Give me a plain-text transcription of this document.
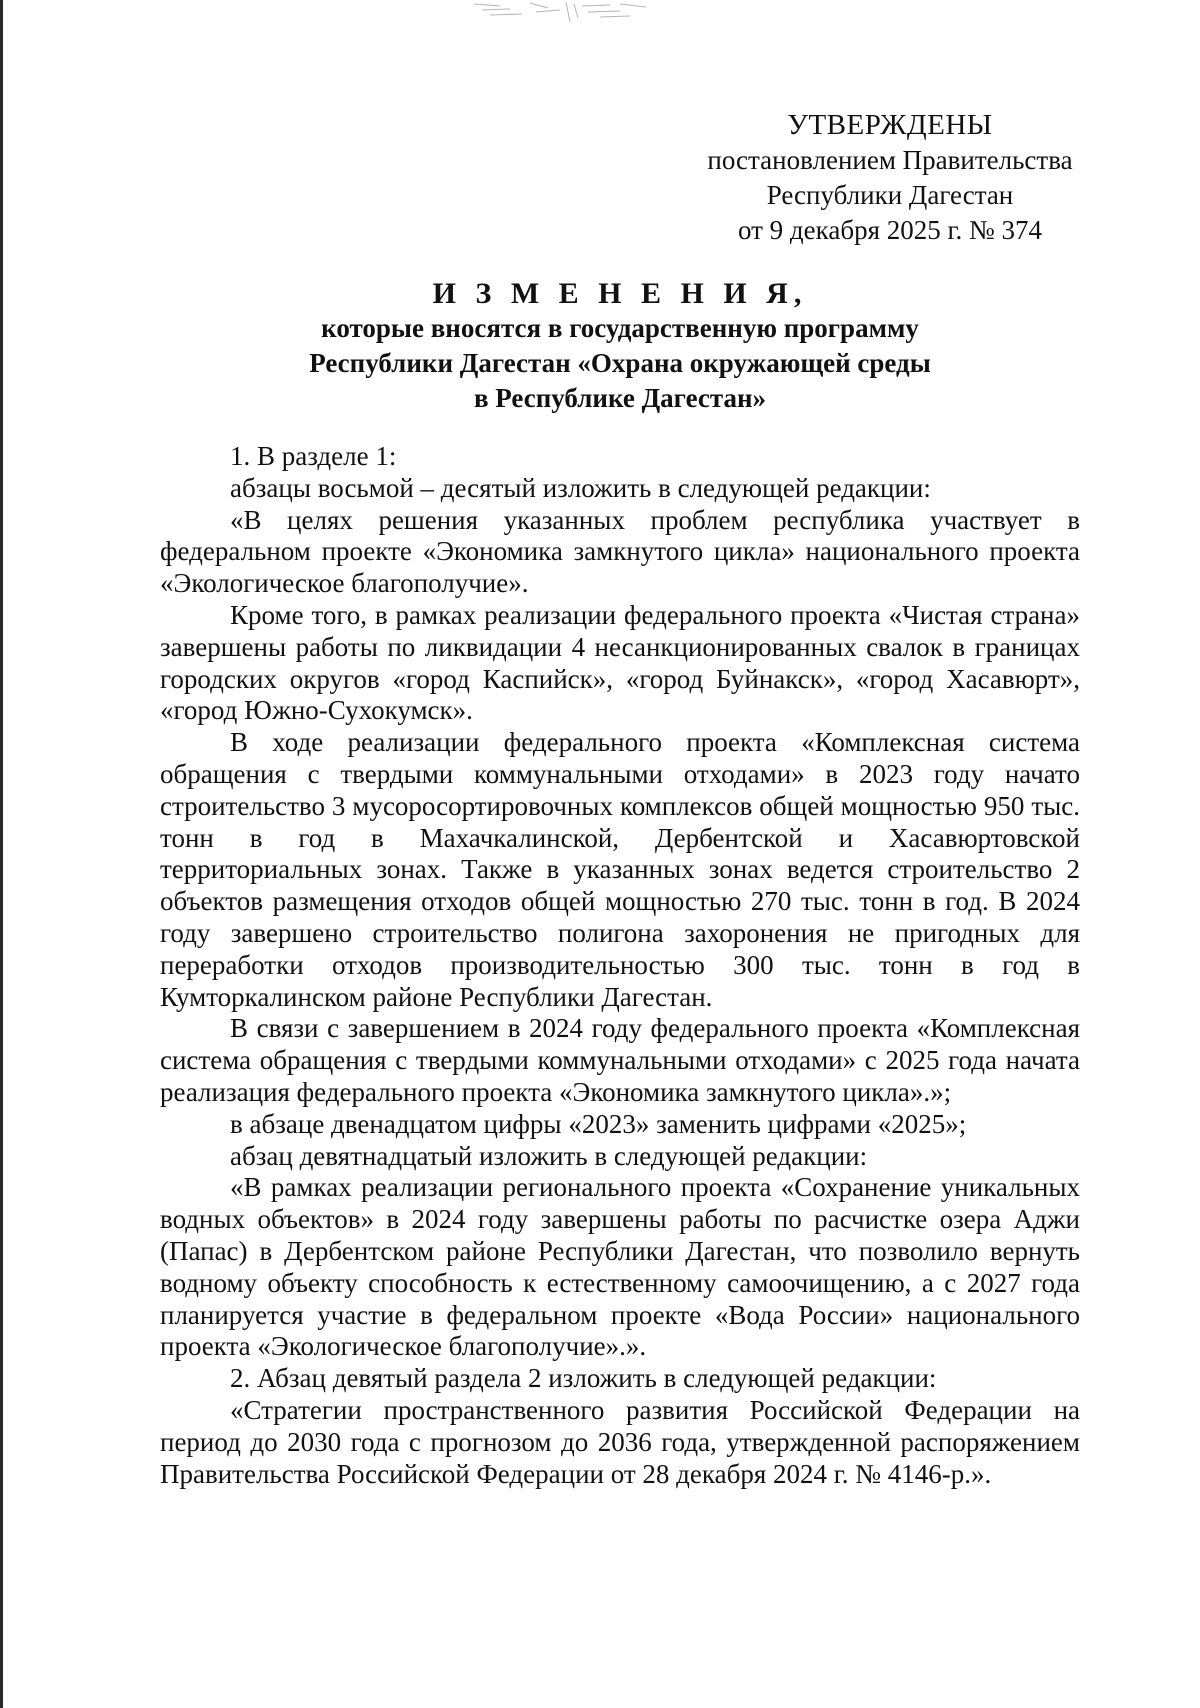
УТВЕРЖДЕНЫ
постановлением Правительства
Республики Дагестан
от 9 декабря 2025 г. № 374
И З М Е Н Е Н И Я,
которые вносятся в государственную программу
Республики Дагестан «Охрана окружающей среды
в Республике Дагестан»

1. В разделе 1:

абзацы восьмой – десятый изложить в следующей редакции:

«В целях решения указанных проблем республика участвует в федеральном проекте «Экономика замкнутого цикла» национального проекта «Экологическое благополучие».

Кроме того, в рамках реализации федерального проекта «Чистая страна» завершены работы по ликвидации 4 несанкционированных свалок в границах городских округов «город Каспийск», «город Буйнакск», «город Хасавюрт», «город Южно-Сухокумск».

В ходе реализации федерального проекта «Комплексная система обращения с твердыми коммунальными отходами» в 2023 году начато строительство 3 мусоросортировочных комплексов общей мощностью 950 тыс. тонн в год в Махачкалинской, Дербентской и Хасавюртовской территориальных зонах. Также в указанных зонах ведется строительство 2 объектов размещения отходов общей мощностью 270 тыс. тонн в год. В 2024 году завершено строительство полигона захоронения не пригодных для переработки отходов производительностью 300 тыс. тонн в год в Кумторкалинском районе Республики Дагестан.

В связи с завершением в 2024 году федерального проекта «Комплексная система обращения с твердыми коммунальными отходами» с 2025 года начата реализация федерального проекта «Экономика замкнутого цикла».»;

в абзаце двенадцатом цифры «2023» заменить цифрами «2025»;

абзац девятнадцатый изложить в следующей редакции:

«В рамках реализации регионального проекта «Сохранение уникальных водных объектов» в 2024 году завершены работы по расчистке озера Аджи (Папас) в Дербентском районе Республики Дагестан, что позволило вернуть водному объекту способность к естественному самоочищению, а с 2027 года планируется участие в федеральном проекте «Вода России» национального проекта «Экологическое благополучие».».

2. Абзац девятый раздела 2 изложить в следующей редакции:

«Стратегии пространственного развития Российской Федерации на период до 2030 года с прогнозом до 2036 года, утвержденной распоряжением Правительства Российской Федерации от 28 декабря 2024 г. № 4146-р.».
